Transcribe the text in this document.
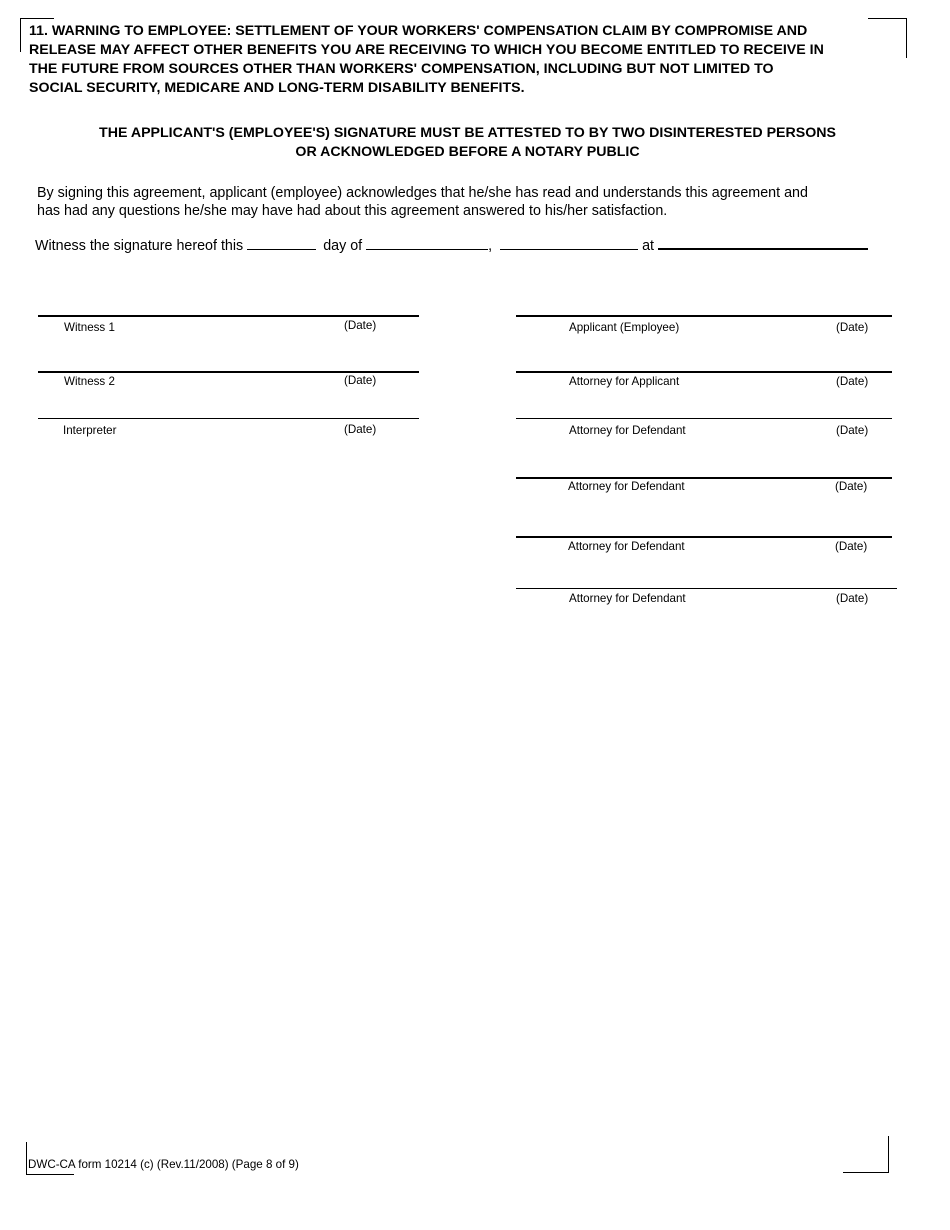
11. WARNING TO EMPLOYEE: SETTLEMENT OF YOUR WORKERS' COMPENSATION CLAIM BY COMPROMISE AND
RELEASE MAY AFFECT OTHER BENEFITS YOU ARE RECEIVING TO WHICH YOU BECOME ENTITLED TO RECEIVE IN
THE FUTURE FROM SOURCES OTHER THAN WORKERS' COMPENSATION, INCLUDING BUT NOT LIMITED TO
SOCIAL SECURITY, MEDICARE AND LONG-TERM DISABILITY BENEFITS.
THE APPLICANT'S (EMPLOYEE'S) SIGNATURE MUST BE ATTESTED TO BY TWO DISINTERESTED PERSONS
OR ACKNOWLEDGED BEFORE A NOTARY PUBLIC
By signing this agreement, applicant (employee) acknowledges that he/she has read and understands this agreement and
has had any questions he/she may have had about this agreement answered to his/her satisfaction.
Witness the signature hereof this	day of	,	at
Witness 1	(Date)
Witness 2	(Date)
Interpreter	(Date)
Applicant (Employee)	(Date)
Attorney for Applicant	(Date)
Attorney for Defendant	(Date)
Attorney for Defendant	(Date)
Attorney for Defendant	(Date)
Attorney for Defendant	(Date)
DWC-CA form 10214 (c) (Rev.11/2008) (Page 8 of 9)
